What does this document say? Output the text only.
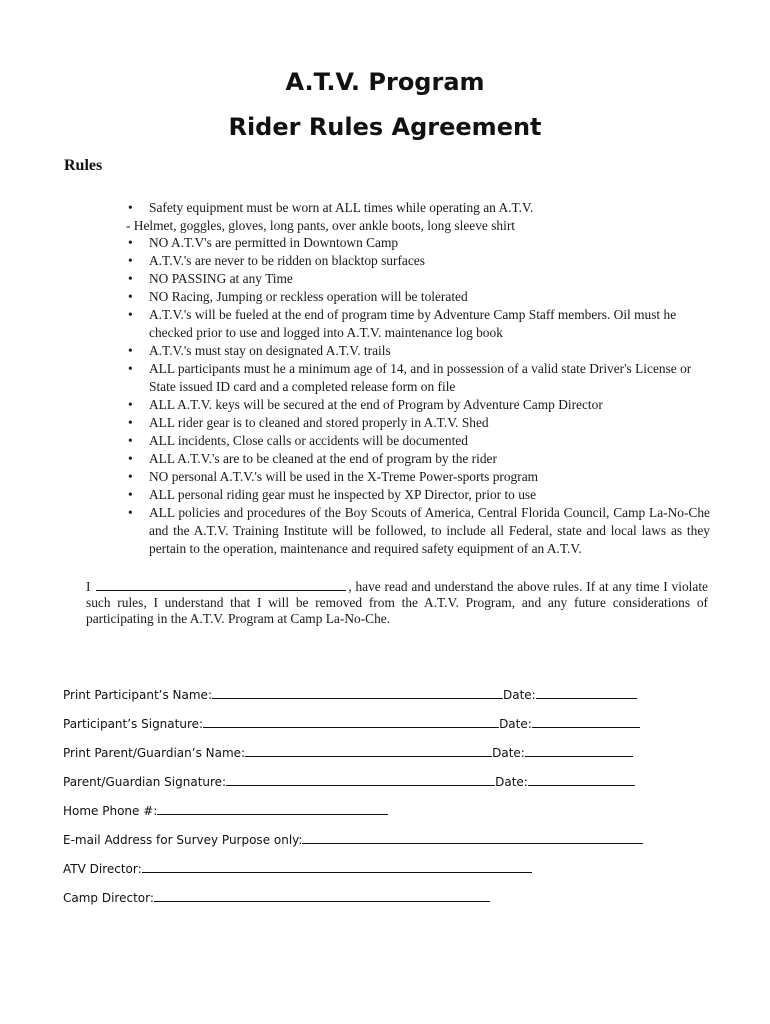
A.T.V. Program
Rider Rules Agreement
Rules
• Safety equipment must be worn at ALL times while operating an A.T.V.
- Helmet, goggles, gloves, long pants, over ankle boots, long sleeve shirt
• NO A.T.V's are permitted in Downtown Camp
• A.T.V.'s are never to be ridden on blacktop surfaces
• NO PASSING at any Time
• NO Racing, Jumping or reckless operation will be tolerated
• A.T.V.'s will be fueled at the end of program time by Adventure Camp Staff members. Oil must he checked prior to use and logged into A.T.V. maintenance log book
• A.T.V.'s must stay on designated A.T.V. trails
• ALL participants must he a minimum age of 14, and in possession of a valid state Driver's License or State issued ID card and a completed release form on file
• ALL A.T.V. keys will be secured at the end of Program by Adventure Camp Director
• ALL rider gear is to cleaned and stored properly in A.T.V. Shed
• ALL incidents, Close calls or accidents will be documented
• ALL A.T.V.'s are to be cleaned at the end of program by the rider
• NO personal A.T.V.'s will be used in the X-Treme Power-sports program
• ALL personal riding gear must he inspected by XP Director, prior to use
• ALL policies and procedures of the Boy Scouts of America, Central Florida Council, Camp La-No-Che and the A.T.V. Training Institute will be followed, to include all Federal, state and local laws as they pertain to the operation, maintenance and required safety equipment of an A.T.V.
I	, have read and understand the above rules. If at any time I violate such rules, I understand that I will be removed from the A.T.V. Program, and any future considerations of participating in the A.T.V. Program at Camp La-No-Che.
Print Participant’s Name:	Date:
Participant’s Signature:	Date:
Print Parent/Guardian’s Name:	Date:
Parent/Guardian Signature:	Date:
Home Phone #:
E-mail Address for Survey Purpose only:
ATV Director:
Camp Director:
